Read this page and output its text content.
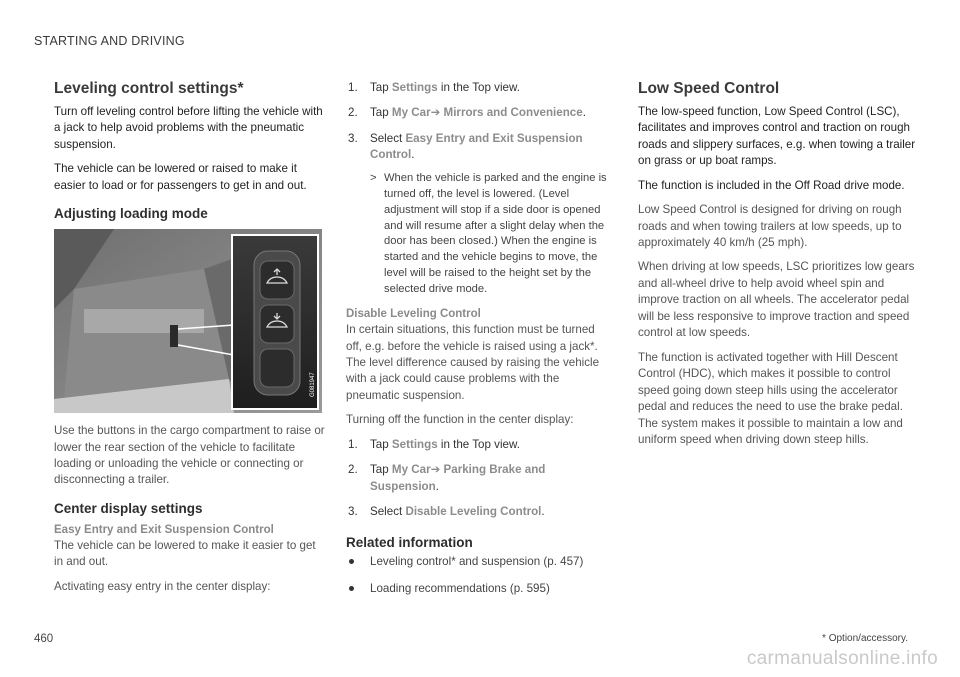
STARTING AND DRIVING
Leveling control settings*

Turn off leveling control before lifting the vehicle with a jack to help avoid problems with the pneumatic suspension.

The vehicle can be lowered or raised to make it easier to load or for passengers to get in and out.

Adjusting loading mode
G081947

Use the buttons in the cargo compartment to raise or lower the rear section of the vehicle to facilitate loading or unloading the vehicle or connecting or disconnecting a trailer.

Center display settings
Easy Entry and Exit Suspension Control

The vehicle can be lowered to make it easier to get in and out.

Activating easy entry in the center display:

1. Tap Settings in the Top view.
2. Tap My Car➔ Mirrors and Convenience.
3. Select Easy Entry and Exit Suspension Control.
> When the vehicle is parked and the engine is turned off, the level is lowered. (Level adjustment will stop if a side door is opened and will resume after a slight delay when the door has been closed.) When the engine is started and the vehicle begins to move, the level will be raised to the height set by the selected drive mode.
Disable Leveling Control

In certain situations, this function must be turned off, e.g. before the vehicle is raised using a jack*. The level difference caused by raising the vehicle with a jack could cause problems with the pneumatic suspension.

Turning off the function in the center display:

1. Tap Settings in the Top view.
2. Tap My Car➔ Parking Brake and Suspension.
3. Select Disable Leveling Control.
Related information
Leveling control* and suspension (p. 457)
Loading recommendations (p. 595)
Low Speed Control

The low-speed function, Low Speed Control (LSC), facilitates and improves control and traction on rough roads and slippery surfaces, e.g. when towing a trailer on grass or up boat ramps.

The function is included in the Off Road drive mode.

Low Speed Control is designed for driving on rough roads and when towing trailers at low speeds, up to approximately 40 km/h (25 mph).

When driving at low speeds, LSC prioritizes low gears and all-wheel drive to help avoid wheel spin and improve traction on all wheels. The accelerator pedal will be less responsive to improve traction and speed control at low speeds.

The function is activated together with Hill Descent Control (HDC), which makes it possible to control speed going down steep hills using the accelerator pedal and reduces the need to use the brake pedal. The system makes it possible to maintain a low and uniform speed when driving down steep hills.

460	* Option/accessory.
carmanualsonline.info
